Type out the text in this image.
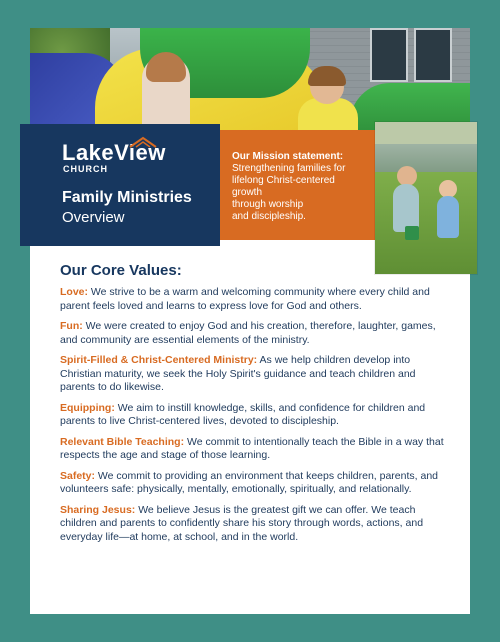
LakeView
CHURCH
Family Ministries
Overview
Our Mission statement:
Strengthening families for
lifelong Christ-centered growth
through worship
and discipleship.
Our Core Values:

Love: We strive to be a warm and welcoming community where every child and parent feels loved and learns to express love for God and others.

Fun: We were created to enjoy God and his creation, therefore, laughter, games, and community are essential elements of the ministry.

Spirit-Filled & Christ-Centered Ministry: As we help children develop into Christian maturity, we seek the Holy Spirit's guidance and teach children and parents to do likewise.

Equipping: We aim to instill knowledge, skills, and confidence for children and parents to live Christ-centered lives, devoted to discipleship.

Relevant Bible Teaching: We commit to intentionally teach the Bible in a way that respects the age and stage of those learning.

Safety: We commit to providing an environment that keeps children, parents, and volunteers safe: physically, mentally, emotionally, spiritually, and relationally.

Sharing Jesus: We believe Jesus is the greatest gift we can offer. We teach children and parents to confidently share his story through words, actions, and everyday life—at home, at school, and in the world.
